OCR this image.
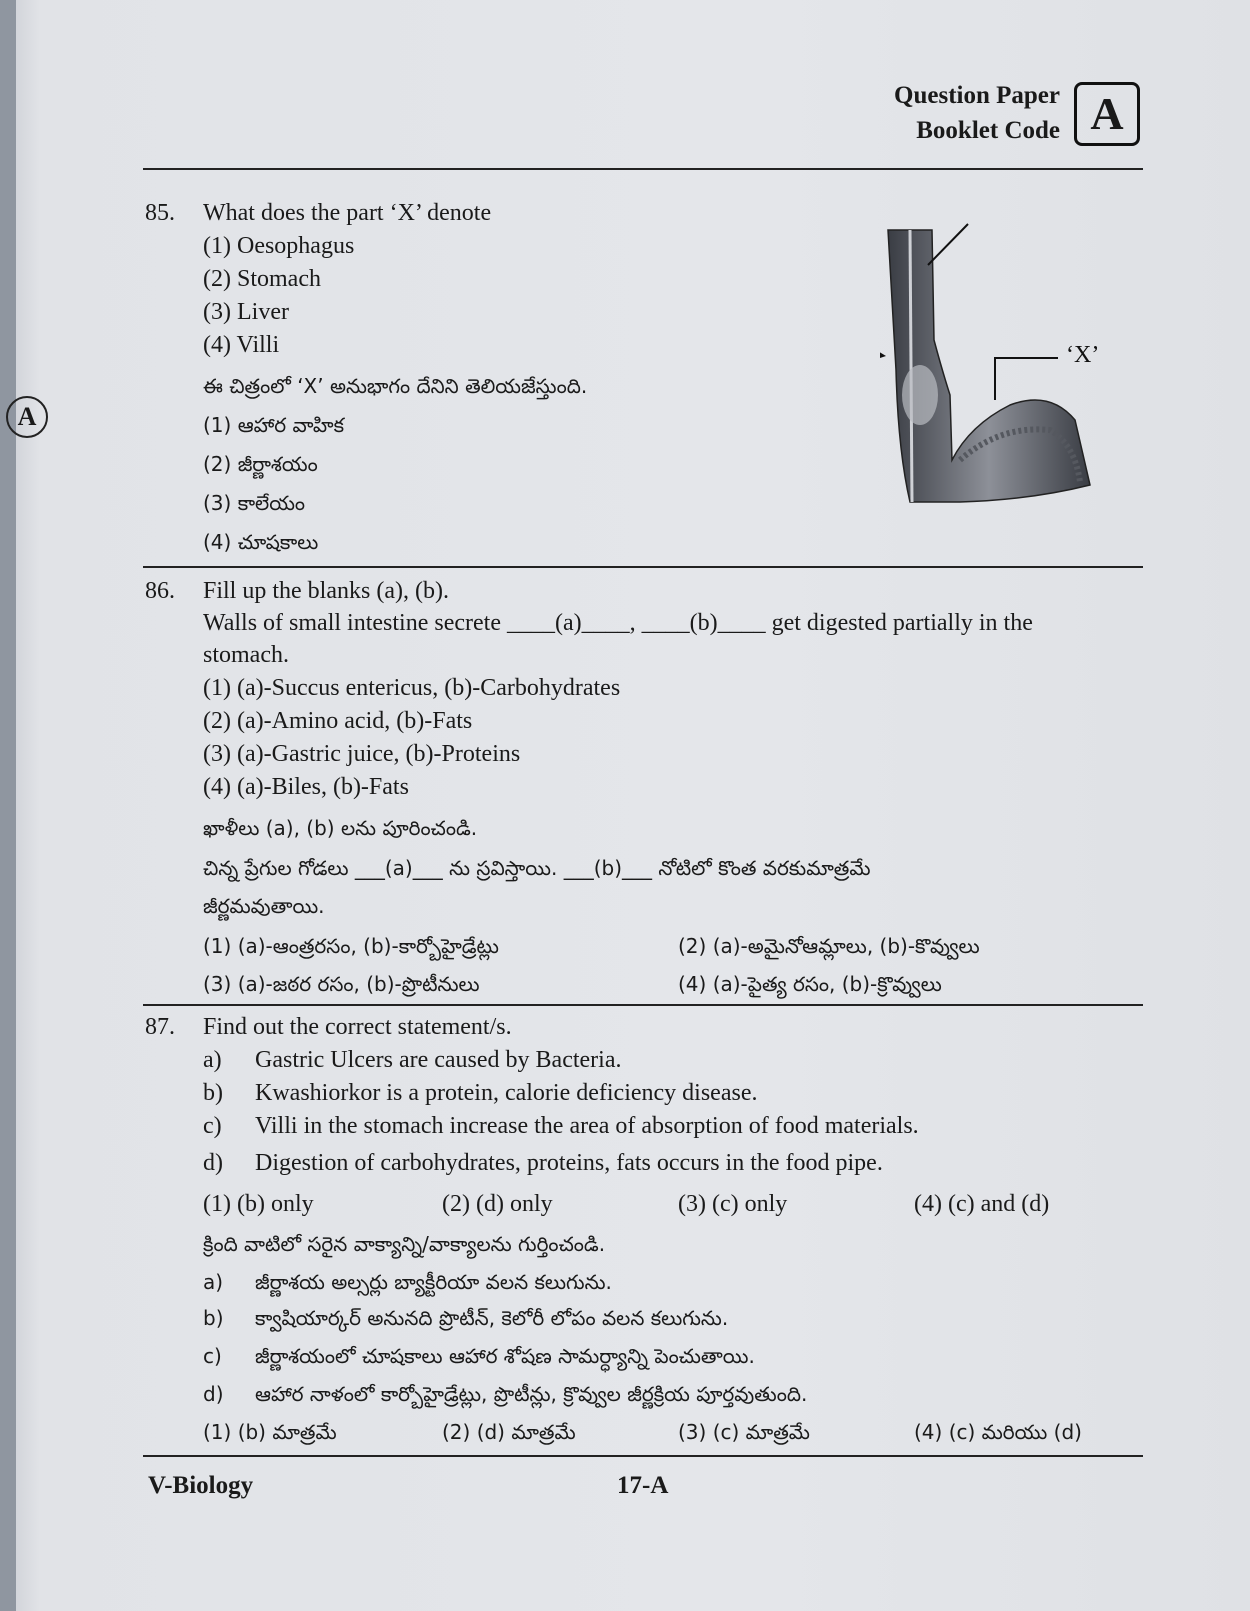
A
Question Paper
Booklet Code A
85. What does the part ‘X’ denote
(1) Oesophagus
(2) Stomach
(3) Liver
(4) Villi
ఈ చిత్రంలో ‘X’ అనుభాగం దేనిని తెలియజేస్తుంది.
(1) ఆహార వాహిక
(2) జీర్ణాశయం
(3) కాలేయం
(4) చూషకాలు
‘X’
86. Fill up the blanks (a), (b).
Walls of small intestine secrete ____(a)____, ____(b)____ get digested partially in the
stomach.
(1) (a)-Succus entericus, (b)-Carbohydrates
(2) (a)-Amino acid, (b)-Fats
(3) (a)-Gastric juice, (b)-Proteins
(4) (a)-Biles, (b)-Fats
ఖాళీలు (a), (b) లను పూరించండి.
చిన్న ప్రేగుల గోడలు ___(a)___ ను స్రవిస్తాయి. ___(b)___ నోటిలో కొంత వరకుమాత్రమే
జీర్ణమవుతాయి.
(1) (a)-ఆంత్రరసం, (b)-కార్బోహైడ్రేట్లు	(2) (a)-అమైనోఆమ్లాలు, (b)-కొవ్వులు
(3) (a)-జఠర రసం, (b)-ప్రొటీనులు	(4) (a)-పైత్య రసం, (b)-క్రొవ్వులు
87. Find out the correct statement/s.
a) Gastric Ulcers are caused by Bacteria.
b) Kwashiorkor is a protein, calorie deficiency disease.
c) Villi in the stomach increase the area of absorption of food materials.
d) Digestion of carbohydrates, proteins, fats occurs in the food pipe.
(1) (b) only	(2) (d) only	(3) (c) only	(4) (c) and (d)
క్రింది వాటిలో సరైన వాక్యాన్ని/వాక్యాలను గుర్తించండి.
a) జీర్ణాశయ అల్సర్లు బ్యాక్టీరియా వలన కలుగును.
b) క్వాషియార్కర్ అనునది ప్రొటీన్, కెలోరీ లోపం వలన కలుగును.
c) జీర్ణాశయంలో చూషకాలు ఆహార శోషణ సామర్ధ్యాన్ని పెంచుతాయి.
d) ఆహార నాళంలో కార్బోహైడ్రేట్లు, ప్రొటీన్లు, క్రొవ్వుల జీర్ణక్రియ పూర్తవుతుంది.
(1) (b) మాత్రమే	(2) (d) మాత్రమే	(3) (c) మాత్రమే	(4) (c) మరియు (d)
V-Biology	17-A
